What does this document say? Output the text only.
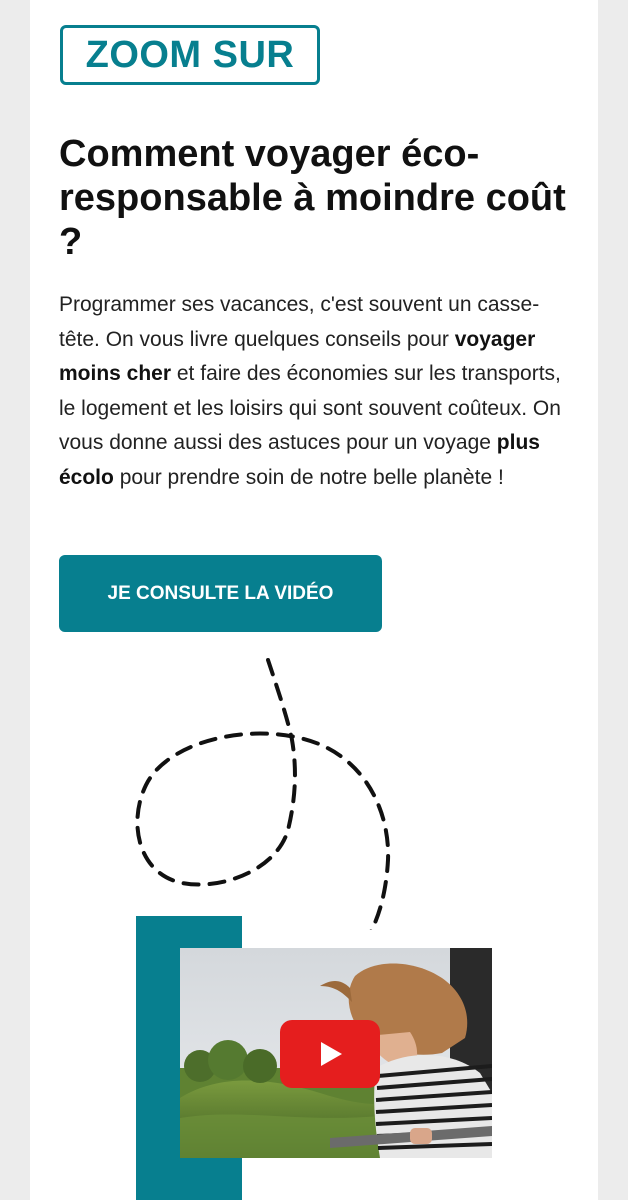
ZOOM SUR
Comment voyager éco-responsable à moindre coût ?

Programmer ses vacances, c'est souvent un casse-tête. On vous livre quelques conseils pour voyager moins cher et faire des économies sur les transports, le logement et les loisirs qui sont souvent coûteux. On vous donne aussi des astuces pour un voyage plus écolo pour prendre soin de notre belle planète !

JE CONSULTE LA VIDÉO
